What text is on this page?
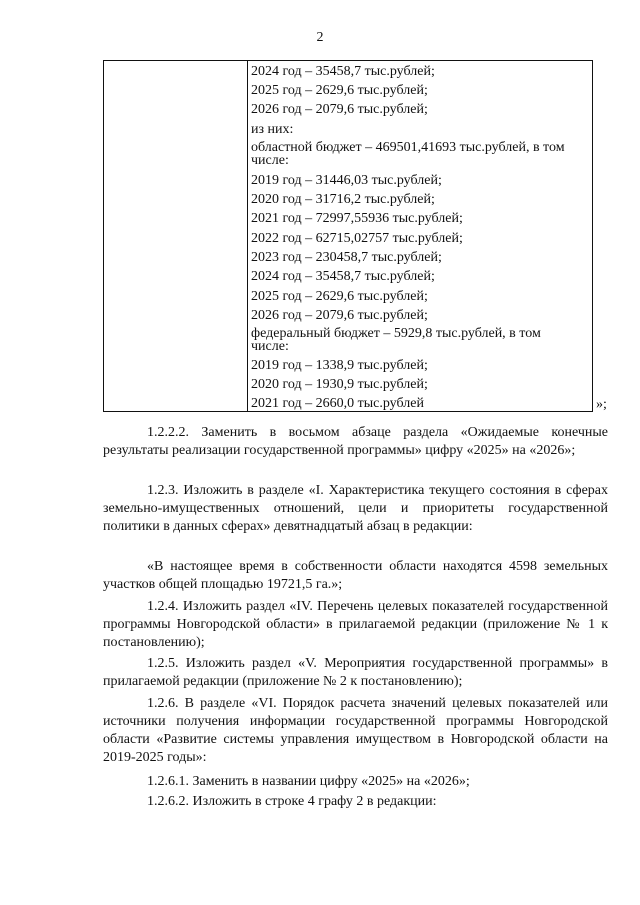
2
2024 год – 35458,7 тыс.рублей;
2025 год – 2629,6 тыс.рублей;
2026 год – 2079,6 тыс.рублей;
из них:
областной бюджет – 469501,41693 тыс.рублей, в том числе:
2019 год – 31446,03 тыс.рублей;
2020 год – 31716,2 тыс.рублей;
2021 год – 72997,55936 тыс.рублей;
2022 год – 62715,02757 тыс.рублей;
2023 год – 230458,7 тыс.рублей;
2024 год – 35458,7 тыс.рублей;
2025 год – 2629,6 тыс.рублей;
2026 год – 2079,6 тыс.рублей;
федеральный бюджет – 5929,8 тыс.рублей, в том числе:
2019 год – 1338,9 тыс.рублей;
2020 год – 1930,9 тыс.рублей;
2021 год – 2660,0 тыс.рублей	»;

1.2.2.2. Заменить в восьмом абзаце раздела «Ожидаемые конечные результаты реализации государственной программы» цифру «2025» на «2026»;

1.2.3. Изложить в разделе «I. Характеристика текущего состояния в сферах земельно-имущественных отношений, цели и приоритеты государственной политики в данных сферах» девятнадцатый абзац в редакции:

«В настоящее время в собственности области находятся 4598 земельных участков общей площадью 19721,5 га.»;

1.2.4. Изложить раздел «IV. Перечень целевых показателей государственной программы Новгородской области» в прилагаемой редакции (приложение № 1 к постановлению);

1.2.5. Изложить раздел «V. Мероприятия государственной программы» в прилагаемой редакции (приложение № 2 к постановлению);

1.2.6. В разделе «VI. Порядок расчета значений целевых показателей или источники получения информации государственной программы Новгородской области «Развитие системы управления имуществом в Новгородской области на 2019-2025 годы»:

1.2.6.1. Заменить в названии цифру «2025» на «2026»;

1.2.6.2. Изложить в строке 4 графу 2 в редакции:
